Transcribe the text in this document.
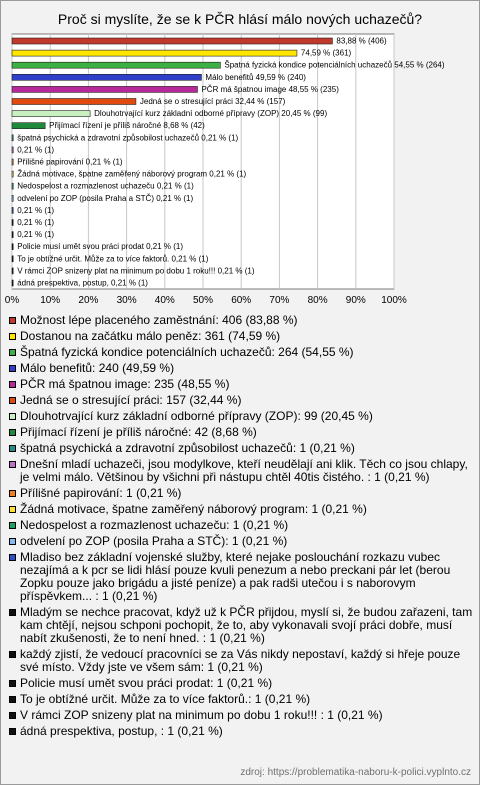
Proč si myslíte, že se k PČR hlásí málo nových uchazečů?
0% 10% 20% 30% 40% 50% 60% 70% 80% 90% 100%
83,88 % (406)
74,59 % (361)
Špatná fyzická kondice potenciálních uchazečů 54,55 % (264)
Málo benefitů 49,59 % (240)
PČR má špatnou image 48,55 % (235)
Jedná se o stresující práci 32,44 % (157)
Dlouhotrvající kurz základní odborné přípravy (ZOP) 20,45 % (99)
Přijímací řízení je příliš náročné 8,68 % (42)
špatná psychická a zdravotní způsobilost uchazečů 0,21 % (1)
0,21 % (1)
Přílišné papirování 0,21 % (1)
Žádná motivace, špatne zaměřený náborový program 0,21 % (1)
Nedospelost a rozmazlenost uchazeču 0,21 % (1)
odvelení po ZOP (posila Praha a STČ) 0,21 % (1)
0,21 % (1)
0,21 % (1)
0,21 % (1)
Policie musí umět svou práci prodat 0,21 % (1)
To je obtížné určit. Může za to více faktorů. 0,21 % (1)
V rámci ZOP snizeny plat na minimum po dobu 1 roku!!! 0,21 % (1)
ádná prespektiva, postup, 0,21 % (1)
Možnost lépe placeného zaměstnání: 406 (83,88 %)
Dostanou na začátku málo peněz: 361 (74,59 %)
Špatná fyzická kondice potenciálních uchazečů: 264 (54,55 %)
Málo benefitů: 240 (49,59 %)
PČR má špatnou image: 235 (48,55 %)
Jedná se o stresující práci: 157 (32,44 %)
Dlouhotrvající kurz základní odborné přípravy (ZOP): 99 (20,45 %)
Přijímací řízení je příliš náročné: 42 (8,68 %)
špatná psychická a zdravotní způsobilost uchazečů: 1 (0,21 %)
Dnešní mladí uchazeči, jsou modylkove, kteří neudělají ani klik. Těch co jsou chlapy, je velmi málo. Většinou by všichni při nástupu chtěl 40tis čistého. : 1 (0,21 %)
Přílišné papirování: 1 (0,21 %)
Žádná motivace, špatne zaměřený náborový program: 1 (0,21 %)
Nedospelost a rozmazlenost uchazeču: 1 (0,21 %)
odvelení po ZOP (posila Praha a STČ): 1 (0,21 %)
Mladiso bez základní vojenské služby, které nejake poslouchání rozkazu vubec nezajímá a k pcr se lidi hlásí pouze kvuli penezum a nebo preckani pár let (berou Zopku pouze jako brigádu a jisté peníze) a pak radši utečou i s naborovym příspěvkem... : 1 (0,21 %)
Mladým se nechce pracovat, když už k PČR přijdou, myslí si, že budou zařazeni, tam kam chtějí, nejsou schponi pochopit, že to, aby vykonavali svojí práci dobře, musí nabít zkušenosti, že to není hned. : 1 (0,21 %)
každý zjistí, že vedoucí pracovníci se za Vás nikdy nepostaví, každý si hřeje pouze své místo. Vždy jste ve všem sám: 1 (0,21 %)
Policie musí umět svou práci prodat: 1 (0,21 %)
To je obtížné určit. Může za to více faktorů.: 1 (0,21 %)
V rámci ZOP snizeny plat na minimum po dobu 1 roku!!! : 1 (0,21 %)
ádná prespektiva, postup, : 1 (0,21 %)
zdroj: https://problematika-naboru-k-polici.vyplnto.cz
